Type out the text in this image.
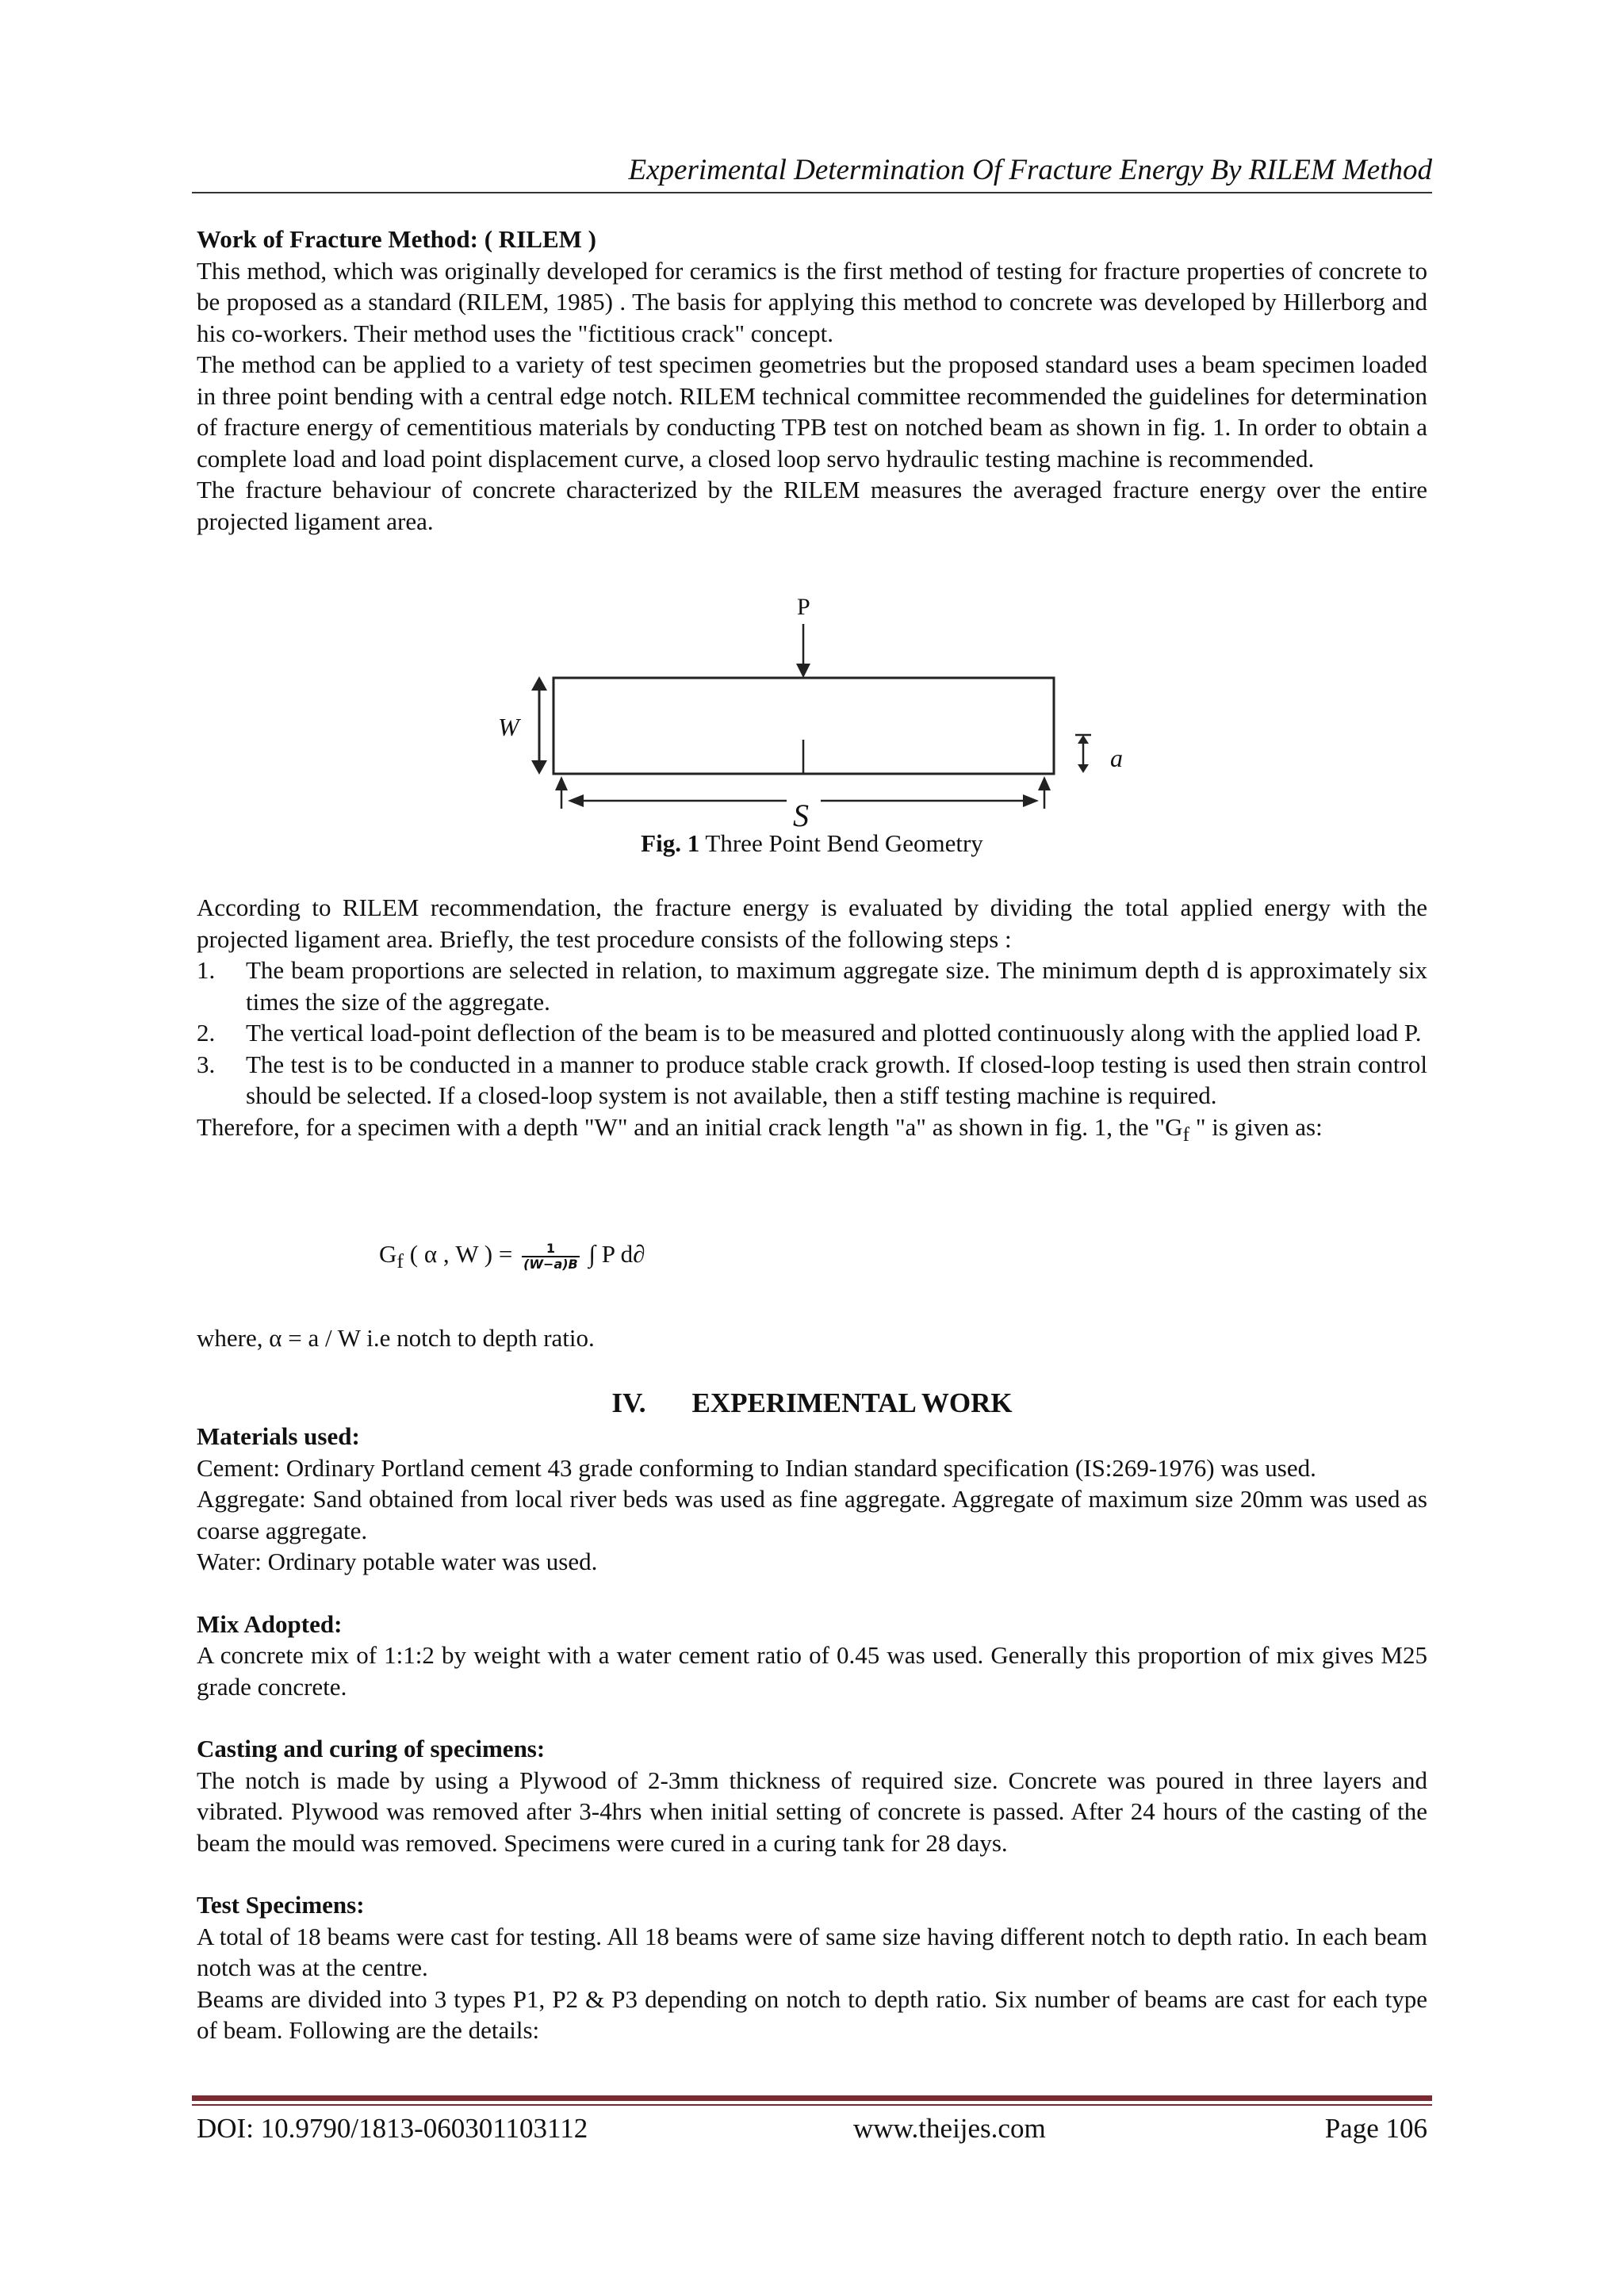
Experimental Determination Of Fracture Energy By RILEM Method
Work of Fracture Method: ( RILEM )

This method, which was originally developed for ceramics is the first method of testing for fracture properties of concrete to be proposed as a standard (RILEM, 1985) . The basis for applying this method to concrete was developed by Hillerborg and his co-workers. Their method uses the "fictitious crack" concept.

The method can be applied to a variety of test specimen geometries but the proposed standard uses a beam specimen loaded in three point bending with a central edge notch. RILEM technical committee recommended the guidelines for determination of fracture energy of cementitious materials by conducting TPB test on notched beam as shown in fig. 1. In order to obtain a complete load and load point displacement curve, a closed loop servo hydraulic testing machine is recommended.

The fracture behaviour of concrete characterized by the RILEM measures the averaged fracture energy over the entire projected ligament area.

P
W
a
S
Fig. 1 Three Point Bend Geometry

According to RILEM recommendation, the fracture energy is evaluated by dividing the total applied energy with the projected ligament area. Briefly, the test procedure consists of the following steps :

1. The beam proportions are selected in relation, to maximum aggregate size. The minimum depth d is approximately six times the size of the aggregate.
2. The vertical load-point deflection of the beam is to be measured and plotted continuously along with the applied load P.
3. The test is to be conducted in a manner to produce stable crack growth. If closed-loop testing is used then strain control should be selected. If a closed-loop system is not available, then a stiff testing machine is required.

Therefore, for a specimen with a depth "W" and an initial crack length "a" as shown in fig. 1, the "$G_f$ " is given as:

$G_f$ ( α , W ) = $\frac{1}{(W-a)B}$ ∫ P d∂
where, α = a / W i.e notch to depth ratio.
IV. EXPERIMENTAL WORK
Materials used:

Cement: Ordinary Portland cement 43 grade conforming to Indian standard specification (IS:269-1976) was used.

Aggregate: Sand obtained from local river beds was used as fine aggregate. Aggregate of maximum size 20mm was used as coarse aggregate.

Water: Ordinary potable water was used.

Mix Adopted:

A concrete mix of 1:1:2 by weight with a water cement ratio of 0.45 was used. Generally this proportion of mix gives M25 grade concrete.

Casting and curing of specimens:

The notch is made by using a Plywood of 2-3mm thickness of required size. Concrete was poured in three layers and vibrated. Plywood was removed after 3-4hrs when initial setting of concrete is passed. After 24 hours of the casting of the beam the mould was removed. Specimens were cured in a curing tank for 28 days.

Test Specimens:

A total of 18 beams were cast for testing. All 18 beams were of same size having different notch to depth ratio. In each beam notch was at the centre.

Beams are divided into 3 types P1, P2 & P3 depending on notch to depth ratio. Six number of beams are cast for each type of beam. Following are the details:

DOI: 10.9790/1813-060301103112	www.theijes.com	Page 106
